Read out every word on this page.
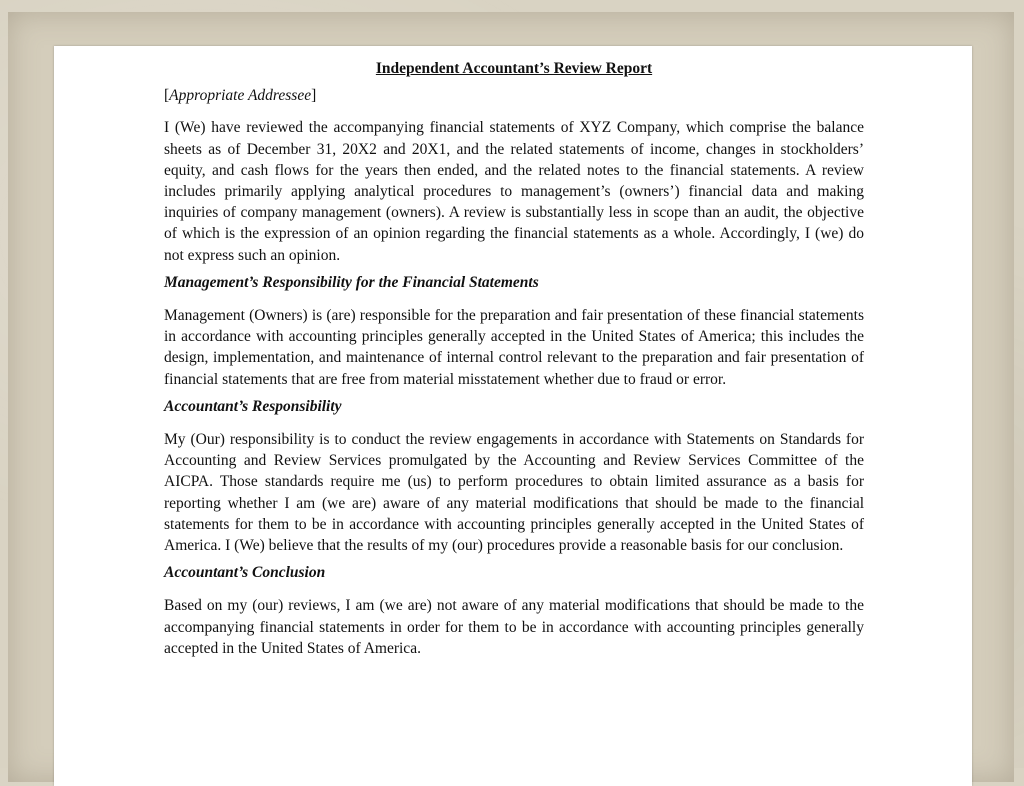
Independent Accountant’s Review Report
[Appropriate Addressee]
I (We) have reviewed the accompanying financial statements of XYZ Company, which comprise the balance sheets as of December 31, 20X2 and 20X1, and the related statements of income, changes in stockholders’ equity, and cash flows for the years then ended, and the related notes to the financial statements. A review includes primarily applying analytical procedures to management’s (owners’) financial data and making inquiries of company management (owners). A review is substantially less in scope than an audit, the objective of which is the expression of an opinion regarding the financial statements as a whole. Accordingly, I (we) do not express such an opinion.
Management’s Responsibility for the Financial Statements
Management (Owners) is (are) responsible for the preparation and fair presentation of these financial statements in accordance with accounting principles generally accepted in the United States of America; this includes the design, implementation, and maintenance of internal control relevant to the preparation and fair presentation of financial statements that are free from material misstatement whether due to fraud or error.
Accountant’s Responsibility
My (Our) responsibility is to conduct the review engagements in accordance with Statements on Standards for Accounting and Review Services promulgated by the Accounting and Review Services Committee of the AICPA. Those standards require me (us) to perform procedures to obtain limited assurance as a basis for reporting whether I am (we are) aware of any material modifications that should be made to the financial statements for them to be in accordance with accounting principles generally accepted in the United States of America. I (We) believe that the results of my (our) procedures provide a reasonable basis for our conclusion.
Accountant’s Conclusion
Based on my (our) reviews, I am (we are) not aware of any material modifications that should be made to the accompanying financial statements in order for them to be in accordance with accounting principles generally accepted in the United States of America.
